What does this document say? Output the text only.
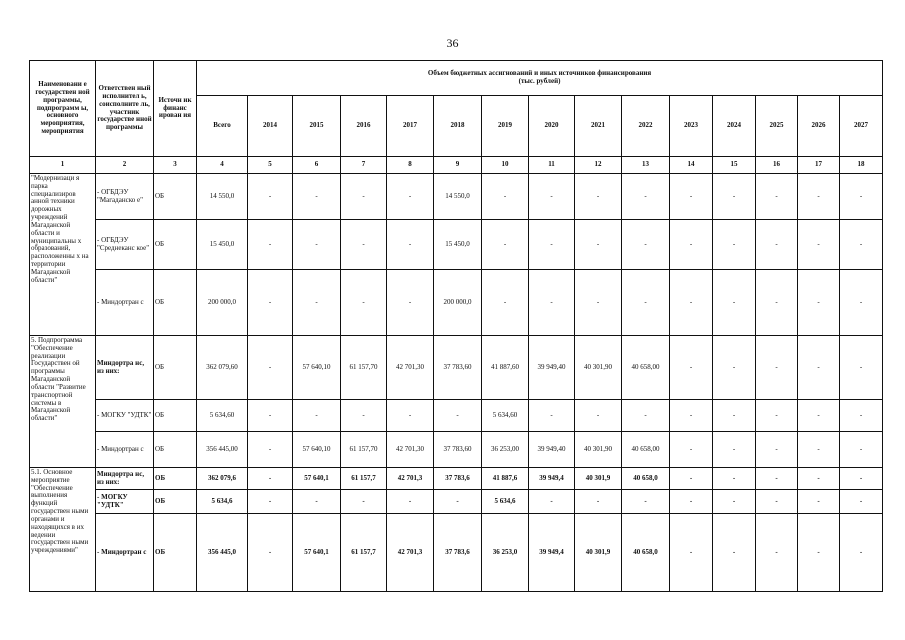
36
Наименовани е государствен ной программы, подпрограмм ы, основного мероприятия, мероприятия	Ответствен ный исполнител ь, соисполните ль, участник государстве нной программы	Источн ик финанс ирован ия	Объем бюджетных ассигнований и иных источников финансирования
(тыс. рублей)														

			Всего	2014	2015	2016	2017	2018	2019	2020	2021	2022	2023	2024	2025	2026	2027
1	2	3	4	5	6	7	8	9	10	11	12	13	14	15	16	17	18
"Модернизаци я парка специализиров анной техники дорожных учреждений Магаданской области и муниципальны х образований, расположенны х на территории Магаданской области"	- ОГБДЭУ "Магаданско е"	ОБ	14 550,0	-	-	-	-	14 550,0	-	-	-	-	-	-	-	-	-
	- ОГБДЭУ "Среднеканс кое"	ОБ	15 450,0	-	-	-	-	15 450,0	-	-	-	-	-	-	-	-	-
	- Миндортран с	ОБ	200 000,0	-	-	-	-	200 000,0	-	-	-	-	-	-	-	-	-
5. Подпрограмма "Обеспечение реализации Государствен ой программы Магаданской области "Развитие транспортной системы в Магаданской области"	Миндортра нс, из них:	ОБ	362 079,60	-	57 640,10	61 157,70	42 701,30	37 783,60	41 887,60	39 949,40	40 301,90	40 658,00	-	-	-	-	-
	- МОГКУ "УДТК"	ОБ	5 634,60	-	-	-	-	-	5 634,60	-	-	-	-	-	-	-	-
	- Миндортран с	ОБ	356 445,00	-	57 640,10	61 157,70	42 701,30	37 783,60	36 253,00	39 949,40	40 301,90	40 658,00	-	-	-	-	-
5.1. Основное мероприятие "Обеспечение выполнения функций государствен ными органами и находящихся в их ведении государствен ными учреждениями"	Миндортра нс, из них:	ОБ	362 079,6	-	57 640,1	61 157,7	42 701,3	37 783,6	41 887,6	39 949,4	40 301,9	40 658,0	-	-	-	-	-
	- МОГКУ "УДТК"	ОБ	5 634,6	-	-	-	-	-	5 634,6	-	-	-	-	-	-	-	-
	- Миндортран с	ОБ	356 445,0	-	57 640,1	61 157,7	42 701,3	37 783,6	36 253,0	39 949,4	40 301,9	40 658,0	-	-	-	-	-
